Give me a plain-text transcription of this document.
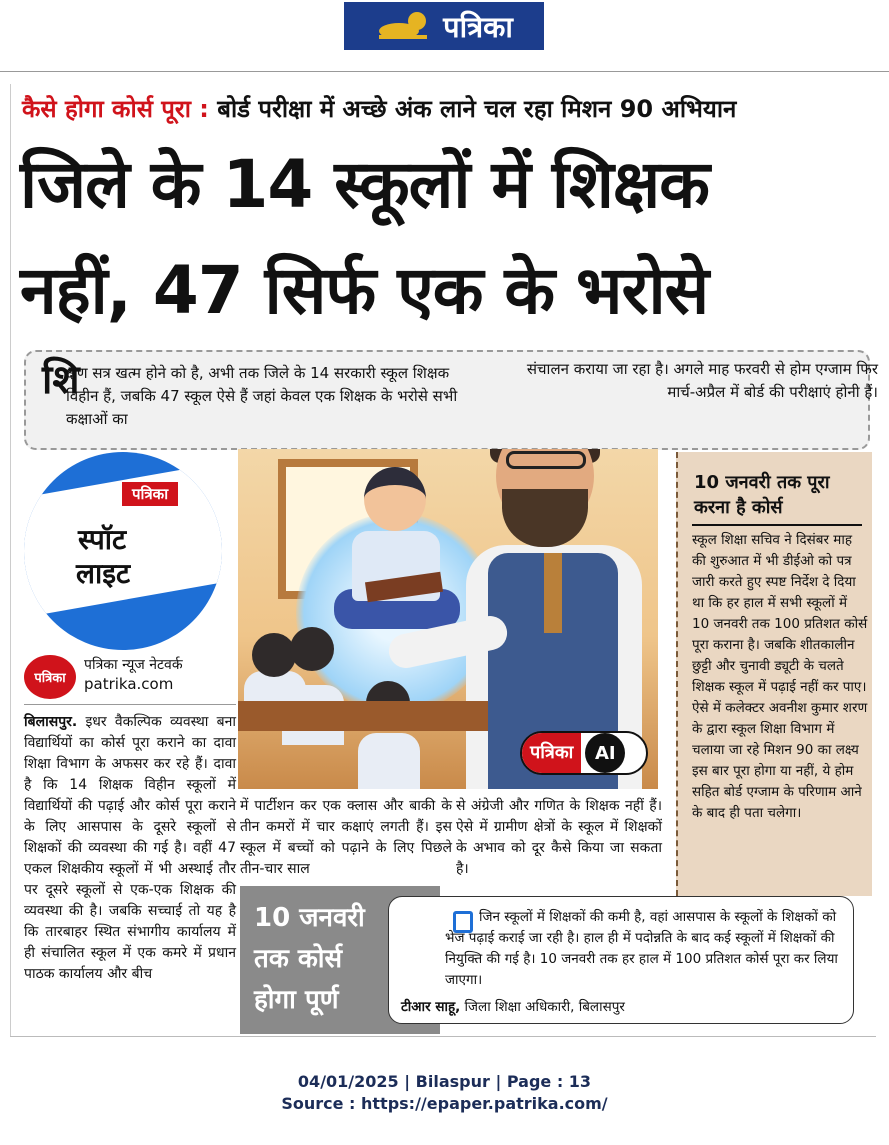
पत्रिका
कैसे होगा कोर्स पूरा : बोर्ड परीक्षा में अच्छे अंक लाने चल रहा मिशन 90 अभियान
जिले के 14 स्कूलों में शिक्षक
नहीं, 47 सिर्फ एक के भरोसे
शि
क्षण सत्र खत्म होने को है, अभी तक जिले के 14 सरकारी स्कूल शिक्षक विहीन हैं, जबकि 47 स्कूल ऐसे हैं जहां केवल एक शिक्षक के भरोसे सभी कक्षाओं का
संचालन कराया जा रहा है। अगले माह फरवरी से होम एग्जाम फिर मार्च-अप्रैल में बोर्ड की परीक्षाएं होनी हैं।
पत्रिका
स्पॉट
लाइट
पत्रिका
पत्रिका न्यूज नेटवर्क
patrika.com
बिलासपुर. इधर वैकल्पिक व्यवस्था बना विद्यार्थियों का कोर्स पूरा कराने का दावा शिक्षा विभाग के अफसर कर रहे हैं। दावा है कि 14 शिक्षक विहीन स्कूलों में विद्यार्थियों की पढ़ाई और कोर्स पूरा कराने के लिए आसपास के दूसरे स्कूलों से शिक्षकों की व्यवस्था की गई है। वहीं 47 एकल शिक्षकीय स्कूलों में भी अस्थाई तौर पर दूसरे स्कूलों से एक-एक शिक्षक की व्यवस्था की है। जबकि सच्चाई तो यह है कि तारबाहर स्थित संभागीय कार्यालय में ही संचालित स्कूल में एक कमरे में प्रधान पाठक कार्यालय और बीच
में पार्टीशन कर एक क्लास और बाकी के तीन कमरों में चार कक्षाएं लगती हैं। इस स्कूल में बच्चों को पढ़ाने के लिए पिछले तीन-चार साल
से अंग्रेजी और गणित के शिक्षक नहीं हैं। ऐसे में ग्रामीण क्षेत्रों के स्कूल में शिक्षकों के अभाव को दूर कैसे किया जा सकता है।
पत्रिका	AI
10 जनवरी तक पूरा करना है कोर्स
स्कूल शिक्षा सचिव ने दिसंबर माह की शुरुआत में भी डीईओ को पत्र जारी करते हुए स्पष्ट निर्देश दे दिया था कि हर हाल में सभी स्कूलों में 10 जनवरी तक 100 प्रतिशत कोर्स पूरा कराना है। जबकि शीतकालीन छुट्टी और चुनावी ड्यूटी के चलते शिक्षक स्कूल में पढ़ाई नहीं कर पाए। ऐसे में कलेक्टर अवनीश कुमार शरण के द्वारा स्कूल शिक्षा विभाग में चलाया जा रहे मिशन 90 का लक्ष्य इस बार पूरा होगा या नहीं, ये होम सहित बोर्ड एग्जाम के परिणाम आने के बाद ही पता चलेगा।
10 जनवरी
तक कोर्स
होगा पूर्ण
जिन स्कूलों में शिक्षकों की कमी है, वहां आसपास के स्कूलों के शिक्षकों को भेज पढ़ाई कराई जा रही है। हाल ही में पदोन्नति के बाद कई स्कूलों में शिक्षकों की नियुक्ति की गई है। 10 जनवरी तक हर हाल में 100 प्रतिशत कोर्स पूरा कर लिया जाएगा।
टीआर साहू, जिला शिक्षा अधिकारी, बिलासपुर
04/01/2025 | Bilaspur | Page : 13
Source : https://epaper.patrika.com/
